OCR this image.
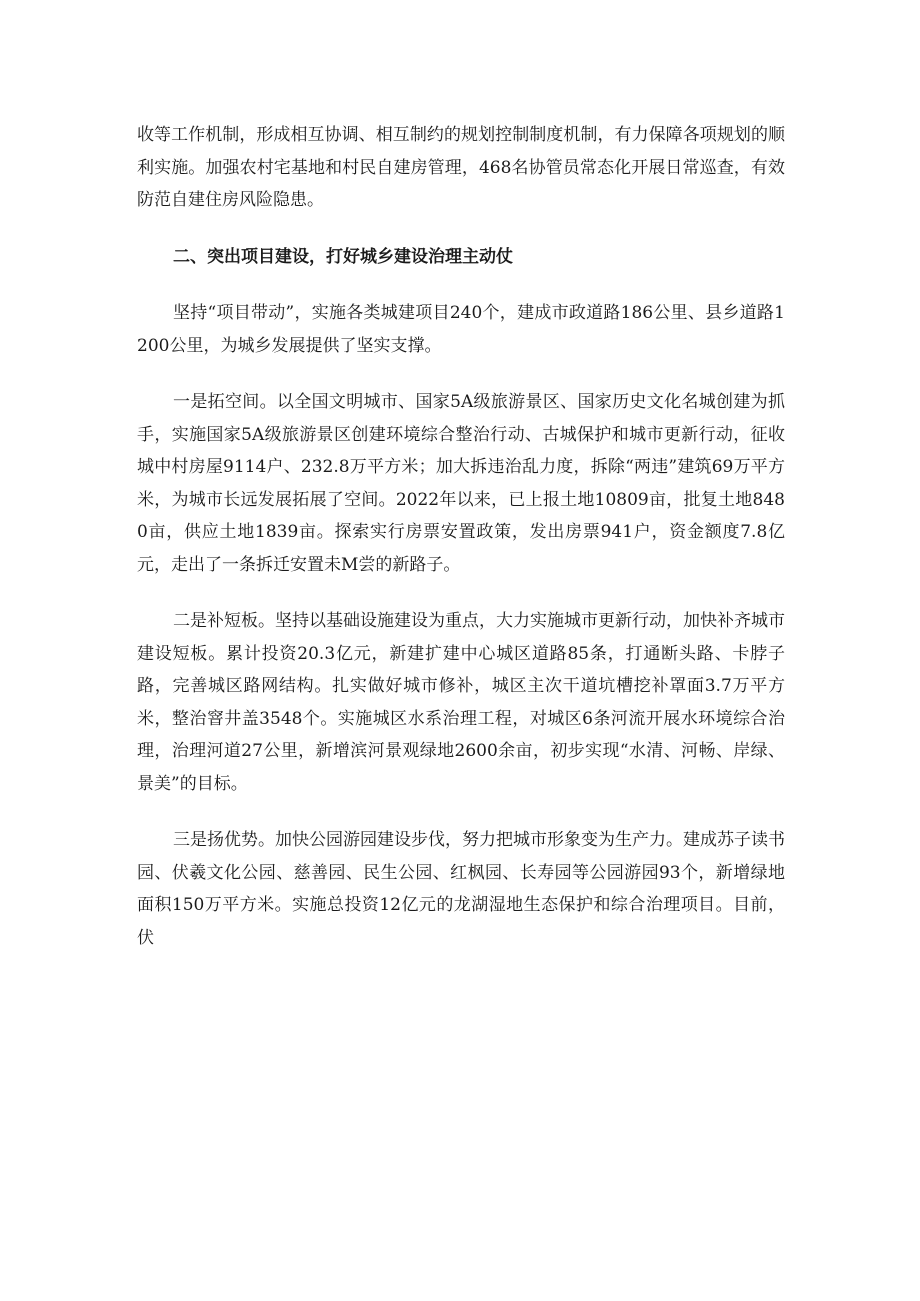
收等工作机制，形成相互协调、相互制约的规划控制制度机制，有力保障各项规划的顺利实施。加强农村宅基地和村民自建房管理，468名协管员常态化开展日常巡查，有效防范自建住房风险隐患。

二、突出项目建设，打好城乡建设治理主动仗

坚持“项目带动”，实施各类城建项目240个，建成市政道路186公里、县乡道路1200公里，为城乡发展提供了坚实支撑。

一是拓空间。以全国文明城市、国家5A级旅游景区、国家历史文化名城创建为抓手，实施国家5A级旅游景区创建环境综合整治行动、古城保护和城市更新行动，征收城中村房屋9114户、232.8万平方米；加大拆违治乱力度，拆除“两违”建筑69万平方米，为城市长远发展拓展了空间。2022年以来，已上报土地10809亩，批复土地8480亩，供应土地1839亩。探索实行房票安置政策，发出房票941户，资金额度7.8亿元，走出了一条拆迁安置未M尝的新路子。

二是补短板。坚持以基础设施建设为重点，大力实施城市更新行动，加快补齐城市建设短板。累计投资20.3亿元，新建扩建中心城区道路85条，打通断头路、卡脖子路，完善城区路网结构。扎实做好城市修补，城区主次干道坑槽挖补罩面3.7万平方米，整治窨井盖3548个。实施城区水系治理工程，对城区6条河流开展水环境综合治理，治理河道27公里，新增滨河景观绿地2600余亩，初步实现“水清、河畅、岸绿、景美”的目标。

三是扬优势。加快公园游园建设步伐，努力把城市形象变为生产力。建成苏子读书园、伏羲文化公园、慈善园、民生公园、红枫园、长寿园等公园游园93个，新增绿地面积150万平方米。实施总投资12亿元的龙湖湿地生态保护和综合治理项目。目前，伏
